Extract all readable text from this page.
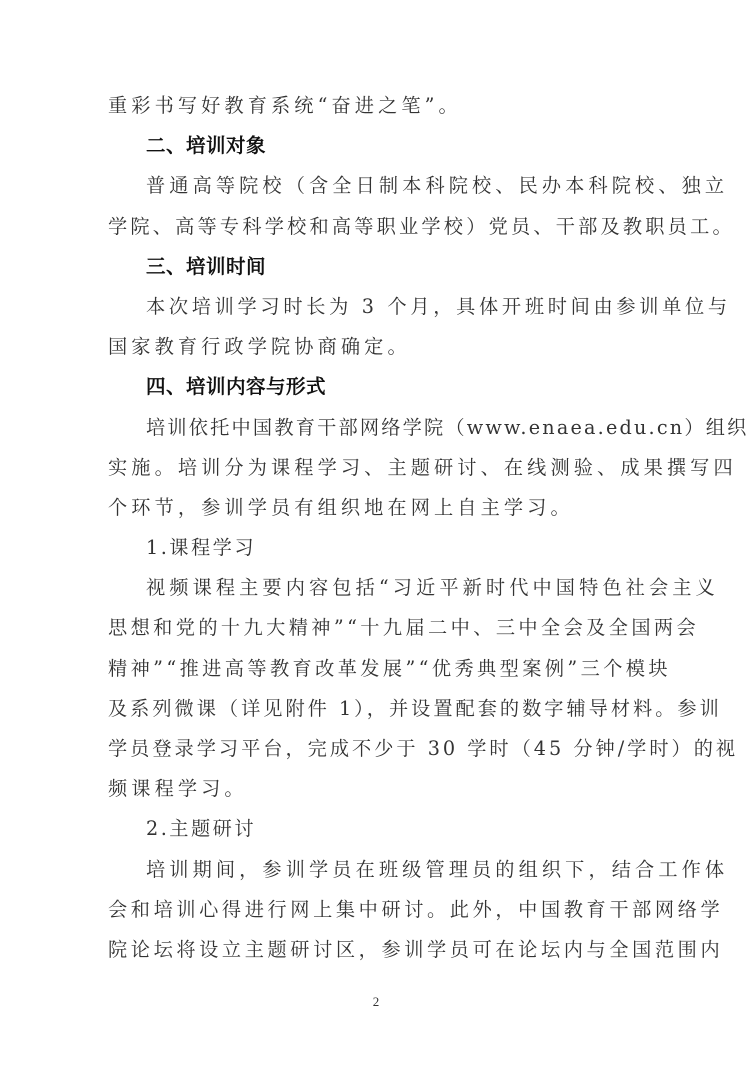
重彩书写好教育系统“奋进之笔”。
二、培训对象
普通高等院校（含全日制本科院校、民办本科院校、独立
学院、高等专科学校和高等职业学校）党员、干部及教职员工。
三、培训时间
本次培训学习时长为 3 个月，具体开班时间由参训单位与
国家教育行政学院协商确定。
四、培训内容与形式
培训依托中国教育干部网络学院（www.enaea.edu.cn）组织
实施。培训分为课程学习、主题研讨、在线测验、成果撰写四
个环节，参训学员有组织地在网上自主学习。
1.课程学习
视频课程主要内容包括“习近平新时代中国特色社会主义
思想和党的十九大精神”“十九届二中、三中全会及全国两会
精神”“推进高等教育改革发展”“优秀典型案例”三个模块
及系列微课（详见附件 1），并设置配套的数字辅导材料。参训
学员登录学习平台，完成不少于 30 学时（45 分钟/学时）的视
频课程学习。
2.主题研讨
培训期间，参训学员在班级管理员的组织下，结合工作体
会和培训心得进行网上集中研讨。此外，中国教育干部网络学
院论坛将设立主题研讨区，参训学员可在论坛内与全国范围内
2
